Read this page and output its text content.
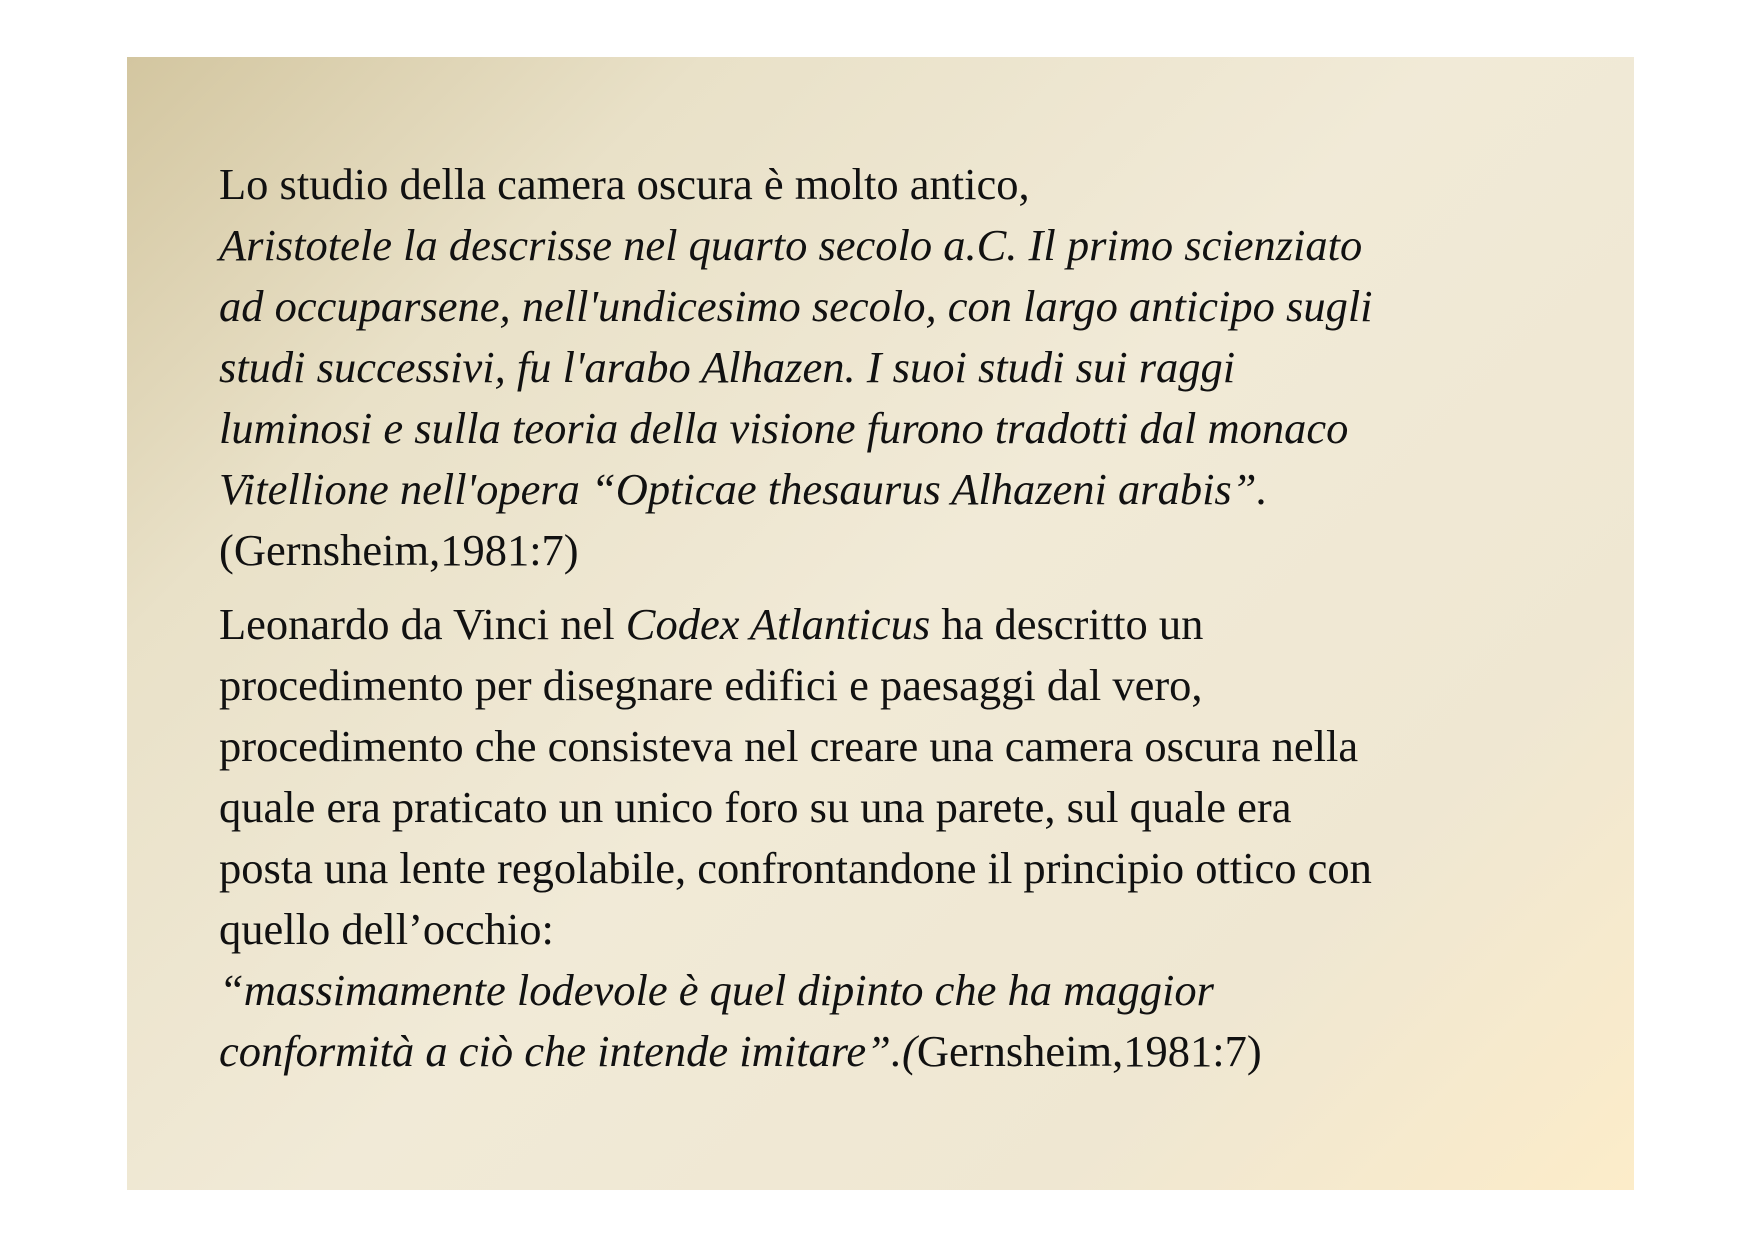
Lo studio della camera oscura è molto antico,
Aristotele la descrisse nel quarto secolo a.C. Il primo scienziato
ad occuparsene, nell'undicesimo secolo, con largo anticipo sugli
studi successivi, fu l'arabo Alhazen. I suoi studi sui raggi
luminosi e sulla teoria della visione furono tradotti dal monaco
Vitellione nell'opera “Opticae thesaurus Alhazeni arabis”.
(Gernsheim,1981:7)
Leonardo da Vinci nel Codex Atlanticus ha descritto un
procedimento per disegnare edifici e paesaggi dal vero,
procedimento che consisteva nel creare una camera oscura nella
quale era praticato un unico foro su una parete, sul quale era
posta una lente regolabile, confrontandone il principio ottico con
quello dell’occhio:
“massimamente lodevole è quel dipinto che ha maggior
conformità a ciò che intende imitare”.(Gernsheim,1981:7)
